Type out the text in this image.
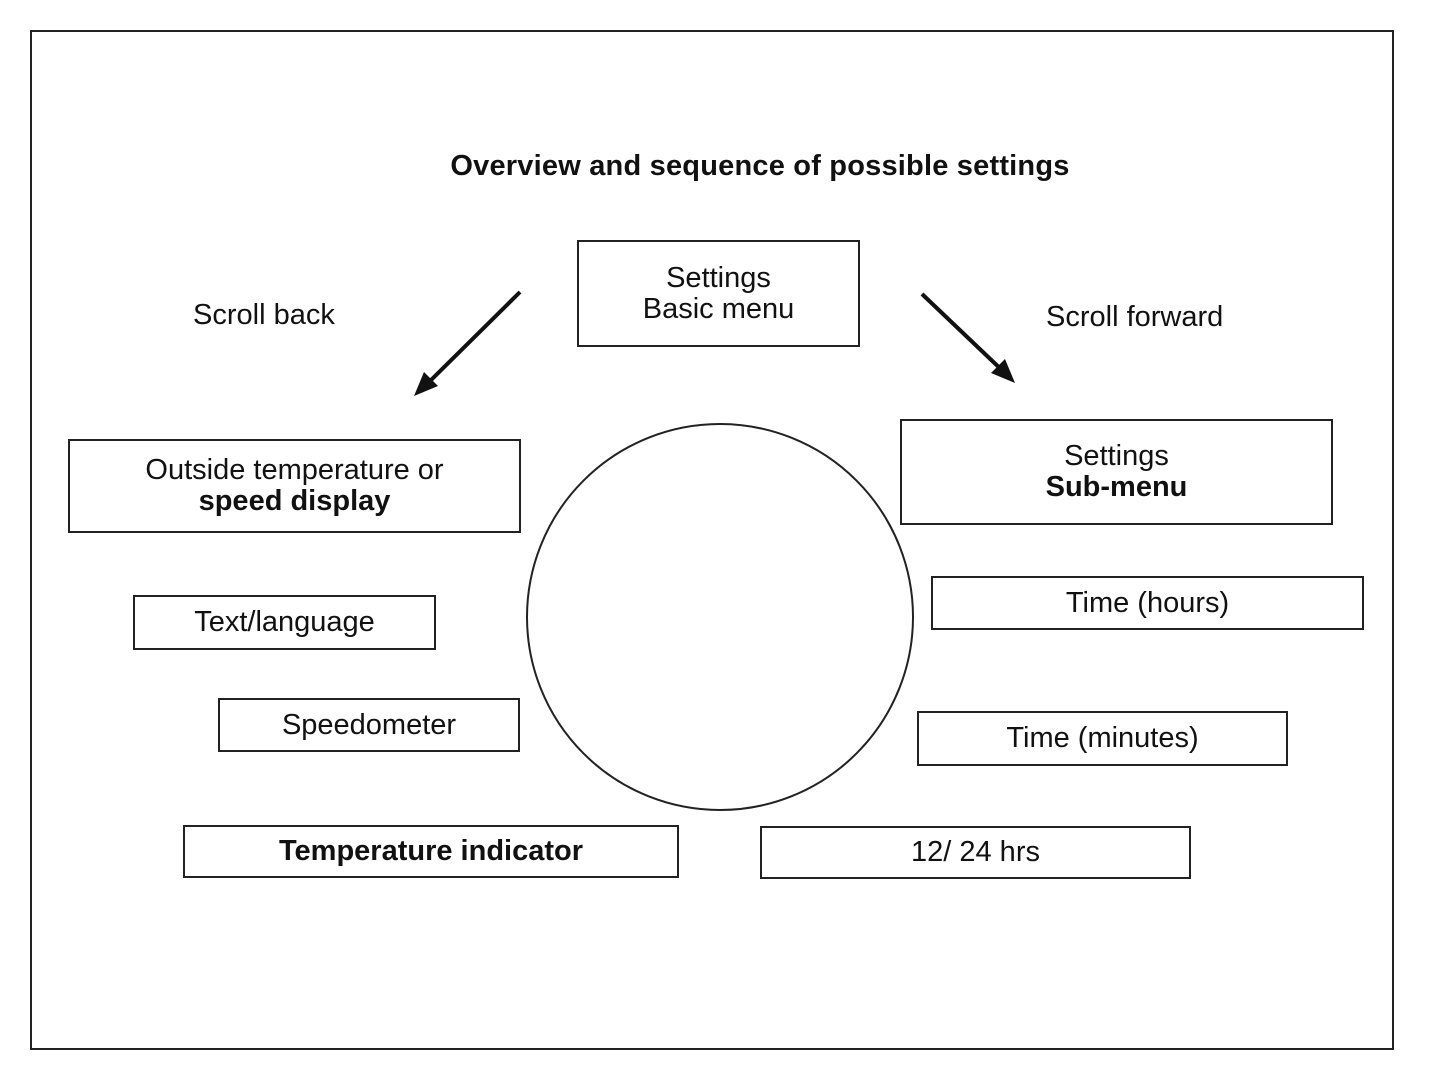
Overview and sequence of possible settings
Settings
Basic menu
Scroll back	Scroll forward
Outside temperature or
speed display
Text/language
Speedometer
Temperature indicator
Settings
Sub-menu
Time (hours)
Time (minutes)
12/ 24 hrs
